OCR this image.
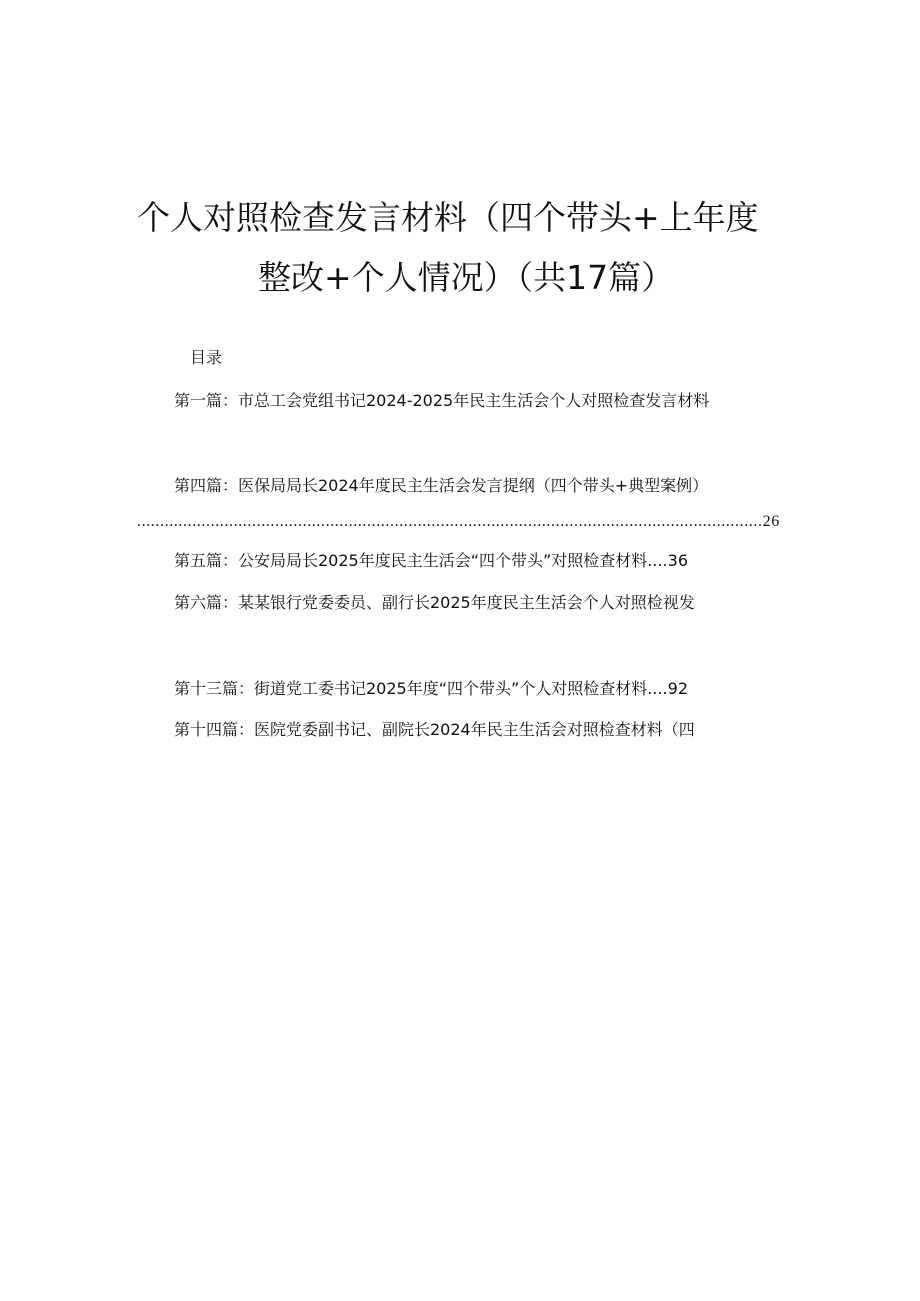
个人对照检查发言材料（四个带头+上年度
整改+个人情况）（共17篇）
目录
第一篇：市总工会党组书记2024-2025年民主生活会个人对照检查发言材料
第四篇：医保局局长2024年度民主生活会发言提纲（四个带头+典型案例）
........................................................................................................................................26
第五篇：公安局局长2025年度民主生活会“四个带头”对照检查材料....36
第六篇：某某银行党委委员、副行长2025年度民主生活会个人对照检视发
第十三篇：街道党工委书记2025年度“四个带头”个人对照检查材料....92
第十四篇：医院党委副书记、副院长2024年民主生活会对照检查材料（四
